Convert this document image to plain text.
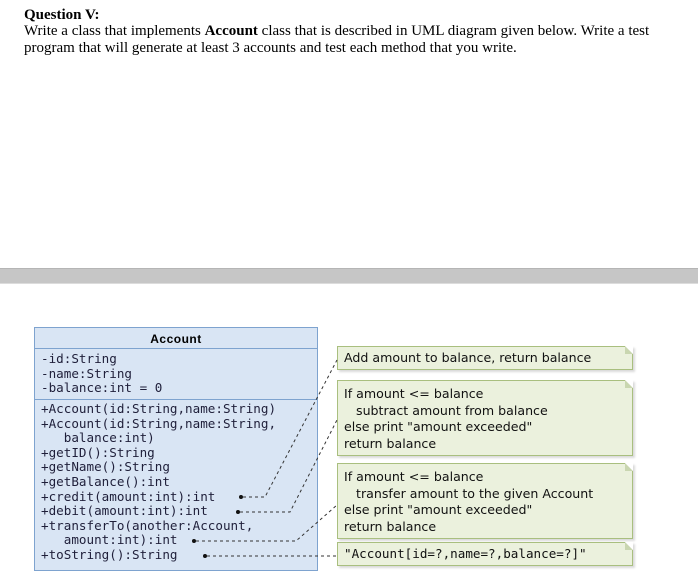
Question V:
Write a class that implements Account class that is described in UML diagram given below. Write a test program that will generate at least 3 accounts and test each method that you write.
Account
-id:String
-name:String
-balance:int = 0
+Account(id:String,name:String)
+Account(id:String,name:String,
balance:int)
+getID():String
+getName():String
+getBalance():int
+credit(amount:int):int
+debit(amount:int):int
+transferTo(another:Account,
amount:int):int
+toString():String
Add amount to balance, return balance
If amount <= balance
subtract amount from balance
else print "amount exceeded"
return balance
If amount <= balance
transfer amount to the given Account
else print "amount exceeded"
return balance
"Account[id=?,name=?,balance=?]"
